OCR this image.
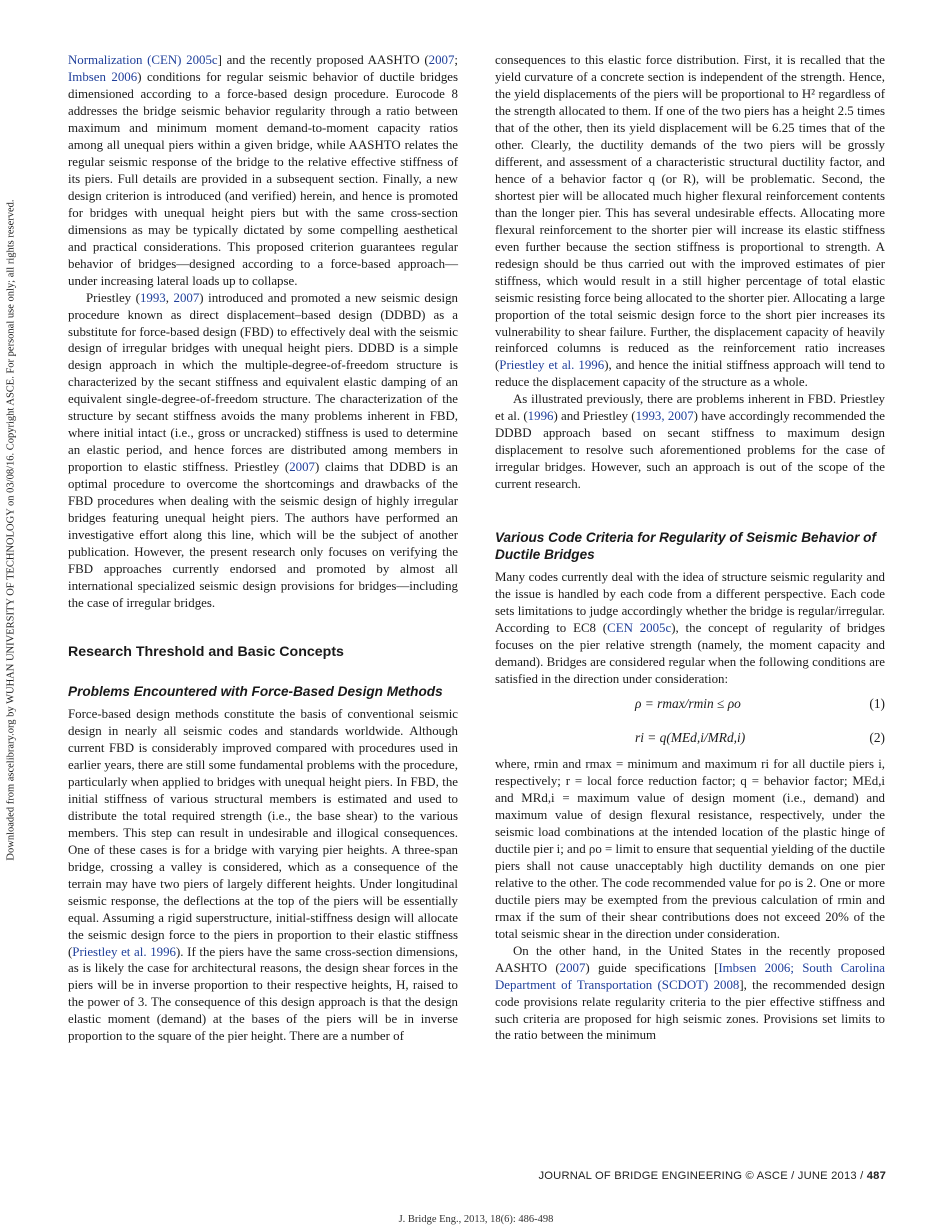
Downloaded from ascelibrary.org by WUHAN UNIVERSITY OF TECHNOLOGY on 03/08/16. Copyright ASCE. For personal use only; all rights reserved.

Normalization (CEN) 2005c] and the recently proposed AASHTO (2007; Imbsen 2006) conditions for regular seismic behavior of ductile bridges dimensioned according to a force-based design procedure. Eurocode 8 addresses the bridge seismic behavior regularity through a ratio between maximum and minimum moment demand-to-moment capacity ratios among all unequal piers within a given bridge, while AASHTO relates the regular seismic response of the bridge to the relative effective stiffness of its piers. Full details are provided in a subsequent section. Finally, a new design criterion is introduced (and verified) herein, and hence is promoted for bridges with unequal height piers but with the same cross-section dimensions as may be typically dictated by some compelling aesthetical and practical considerations. This proposed criterion guarantees regular behavior of bridges—designed according to a force-based approach—under increasing lateral loads up to collapse.

Priestley (1993, 2007) introduced and promoted a new seismic design procedure known as direct displacement–based design (DDBD) as a substitute for force-based design (FBD) to effectively deal with the seismic design of irregular bridges with unequal height piers. DDBD is a simple design approach in which the multiple-degree-of-freedom structure is characterized by the secant stiffness and equivalent elastic damping of an equivalent single-degree-of-freedom structure. The characterization of the structure by secant stiffness avoids the many problems inherent in FBD, where initial intact (i.e., gross or uncracked) stiffness is used to determine an elastic period, and hence forces are distributed among members in proportion to elastic stiffness. Priestley (2007) claims that DDBD is an optimal procedure to overcome the shortcomings and drawbacks of the FBD procedures when dealing with the seismic design of highly irregular bridges featuring unequal height piers. The authors have performed an investigative effort along this line, which will be the subject of another publication. However, the present research only focuses on verifying the FBD approaches currently endorsed and promoted by almost all international specialized seismic design provisions for bridges—including the case of irregular bridges.

Research Threshold and Basic Concepts
Problems Encountered with Force-Based Design Methods

Force-based design methods constitute the basis of conventional seismic design in nearly all seismic codes and standards worldwide. Although current FBD is considerably improved compared with procedures used in earlier years, there are still some fundamental problems with the procedure, particularly when applied to bridges with unequal height piers. In FBD, the initial stiffness of various structural members is estimated and used to distribute the total required strength (i.e., the base shear) to the various members. This step can result in undesirable and illogical consequences. One of these cases is for a bridge with varying pier heights. A three-span bridge, crossing a valley is considered, which as a consequence of the terrain may have two piers of largely different heights. Under longitudinal seismic response, the deflections at the top of the piers will be essentially equal. Assuming a rigid superstructure, initial-stiffness design will allocate the seismic design force to the piers in proportion to their elastic stiffness (Priestley et al. 1996). If the piers have the same cross-section dimensions, as is likely the case for architectural reasons, the design shear forces in the piers will be in inverse proportion to their respective heights, H, raised to the power of 3. The consequence of this design approach is that the design elastic moment (demand) at the bases of the piers will be in inverse proportion to the square of the pier height. There are a number of

consequences to this elastic force distribution. First, it is recalled that the yield curvature of a concrete section is independent of the strength. Hence, the yield displacements of the piers will be proportional to H² regardless of the strength allocated to them. If one of the two piers has a height 2.5 times that of the other, then its yield displacement will be 6.25 times that of the other. Clearly, the ductility demands of the two piers will be grossly different, and assessment of a characteristic structural ductility factor, and hence of a behavior factor q (or R), will be problematic. Second, the shortest pier will be allocated much higher flexural reinforcement contents than the longer pier. This has several undesirable effects. Allocating more flexural reinforcement to the shorter pier will increase its elastic stiffness even further because the section stiffness is proportional to strength. A redesign should be thus carried out with the improved estimates of pier stiffness, which would result in a still higher percentage of total elastic seismic resisting force being allocated to the shorter pier. Allocating a large proportion of the total seismic design force to the short pier increases its vulnerability to shear failure. Further, the displacement capacity of heavily reinforced columns is reduced as the reinforcement ratio increases (Priestley et al. 1996), and hence the initial stiffness approach will tend to reduce the displacement capacity of the structure as a whole.

As illustrated previously, there are problems inherent in FBD. Priestley et al. (1996) and Priestley (1993, 2007) have accordingly recommended the DDBD approach based on secant stiffness to maximum design displacement to resolve such aforementioned problems for the case of irregular bridges. However, such an approach is out of the scope of the current research.

Various Code Criteria for Regularity of Seismic Behavior of Ductile Bridges

Many codes currently deal with the idea of structure seismic regularity and the issue is handled by each code from a different perspective. Each code sets limitations to judge accordingly whether the bridge is regular/irregular. According to EC8 (CEN 2005c), the concept of regularity of bridges focuses on the pier relative strength (namely, the moment capacity and demand). Bridges are considered regular when the following conditions are satisfied in the direction under consideration:

ρ = rmax/rmin ≤ ρo	(1)
ri = q(MEd,i/MRd,i)	(2)

where, rmin and rmax = minimum and maximum ri for all ductile piers i, respectively; r = local force reduction factor; q = behavior factor; MEd,i and MRd,i = maximum value of design moment (i.e., demand) and maximum value of design flexural resistance, respectively, under the seismic load combinations at the intended location of the plastic hinge of ductile pier i; and ρo = limit to ensure that sequential yielding of the ductile piers shall not cause unacceptably high ductility demands on one pier relative to the other. The code recommended value for ρo is 2. One or more ductile piers may be exempted from the previous calculation of rmin and rmax if the sum of their shear contributions does not exceed 20% of the total seismic shear in the direction under consideration.

On the other hand, in the United States in the recently proposed AASHTO (2007) guide specifications [Imbsen 2006; South Carolina Department of Transportation (SCDOT) 2008], the recommended design code provisions relate regularity criteria to the pier effective stiffness and such criteria are proposed for high seismic zones. Provisions set limits to the ratio between the minimum

JOURNAL OF BRIDGE ENGINEERING © ASCE / JUNE 2013 / 487
J. Bridge Eng., 2013, 18(6): 486-498
